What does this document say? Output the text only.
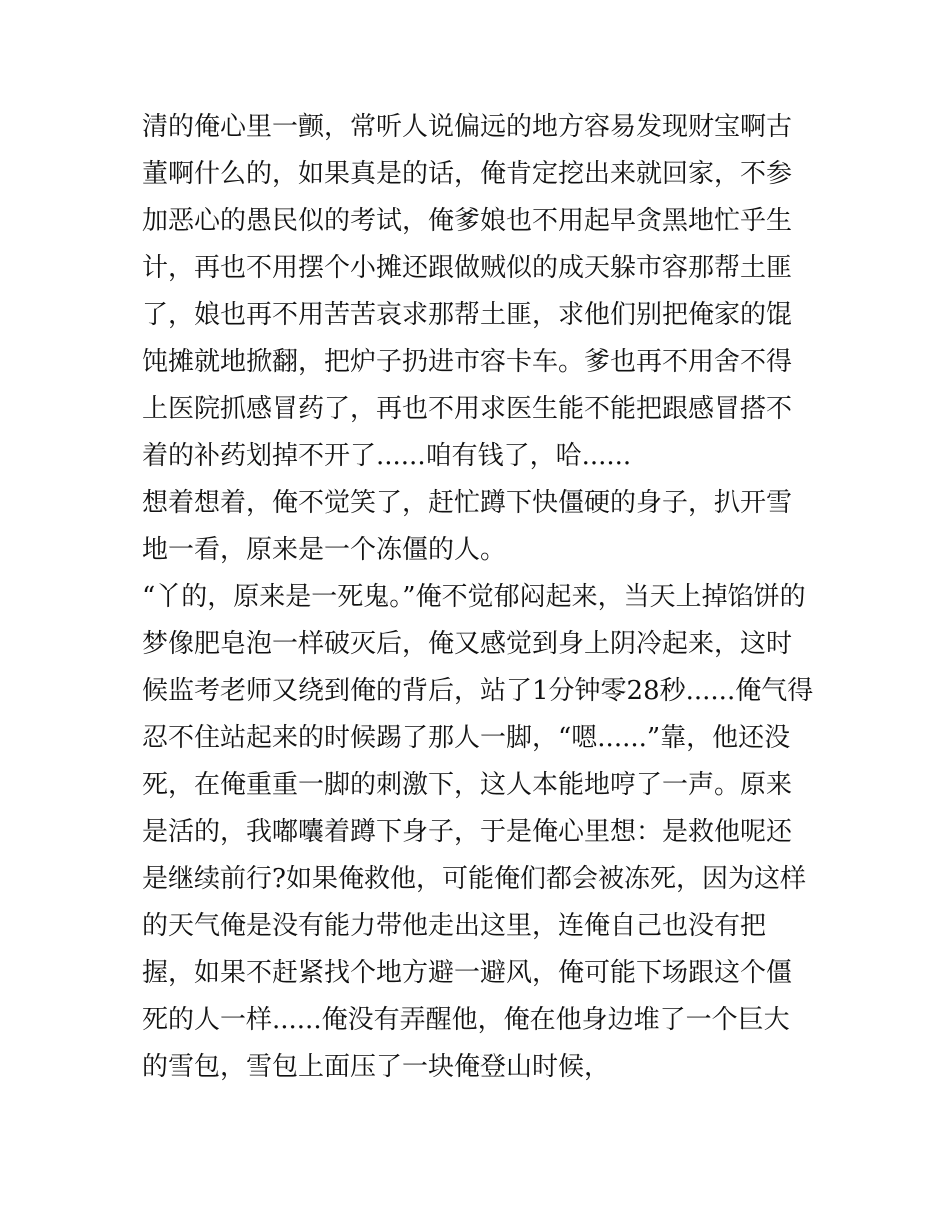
清的俺心里一颤，常听人说偏远的地方容易发现财宝啊古董啊什么的，如果真是的话，俺肯定挖出来就回家，不参加恶心的愚民似的考试，俺爹娘也不用起早贪黑地忙乎生计，再也不用摆个小摊还跟做贼似的成天躲市容那帮土匪了，娘也再不用苦苦哀求那帮土匪，求他们别把俺家的馄饨摊就地掀翻，把炉子扔进市容卡车。爹也再不用舍不得上医院抓感冒药了，再也不用求医生能不能把跟感冒搭不着的补药划掉不开了......咱有钱了，哈......

想着想着，俺不觉笑了，赶忙蹲下快僵硬的身子，扒开雪地一看，原来是一个冻僵的人。

“丫的，原来是一死鬼。”俺不觉郁闷起来，当天上掉馅饼的梦像肥皂泡一样破灭后，俺又感觉到身上阴冷起来，这时候监考老师又绕到俺的背后，站了1分钟零28秒......俺气得忍不住站起来的时候踢了那人一脚，“嗯......”靠，他还没死，在俺重重一脚的刺激下，这人本能地哼了一声。原来是活的，我嘟囔着蹲下身子，于是俺心里想：是救他呢还是继续前行?如果俺救他，可能俺们都会被冻死，因为这样的天气俺是没有能力带他走出这里，连俺自己也没有把握，如果不赶紧找个地方避一避风，俺可能下场跟这个僵死的人一样......俺没有弄醒他，俺在他身边堆了一个巨大的雪包，雪包上面压了一块俺登山时候，
